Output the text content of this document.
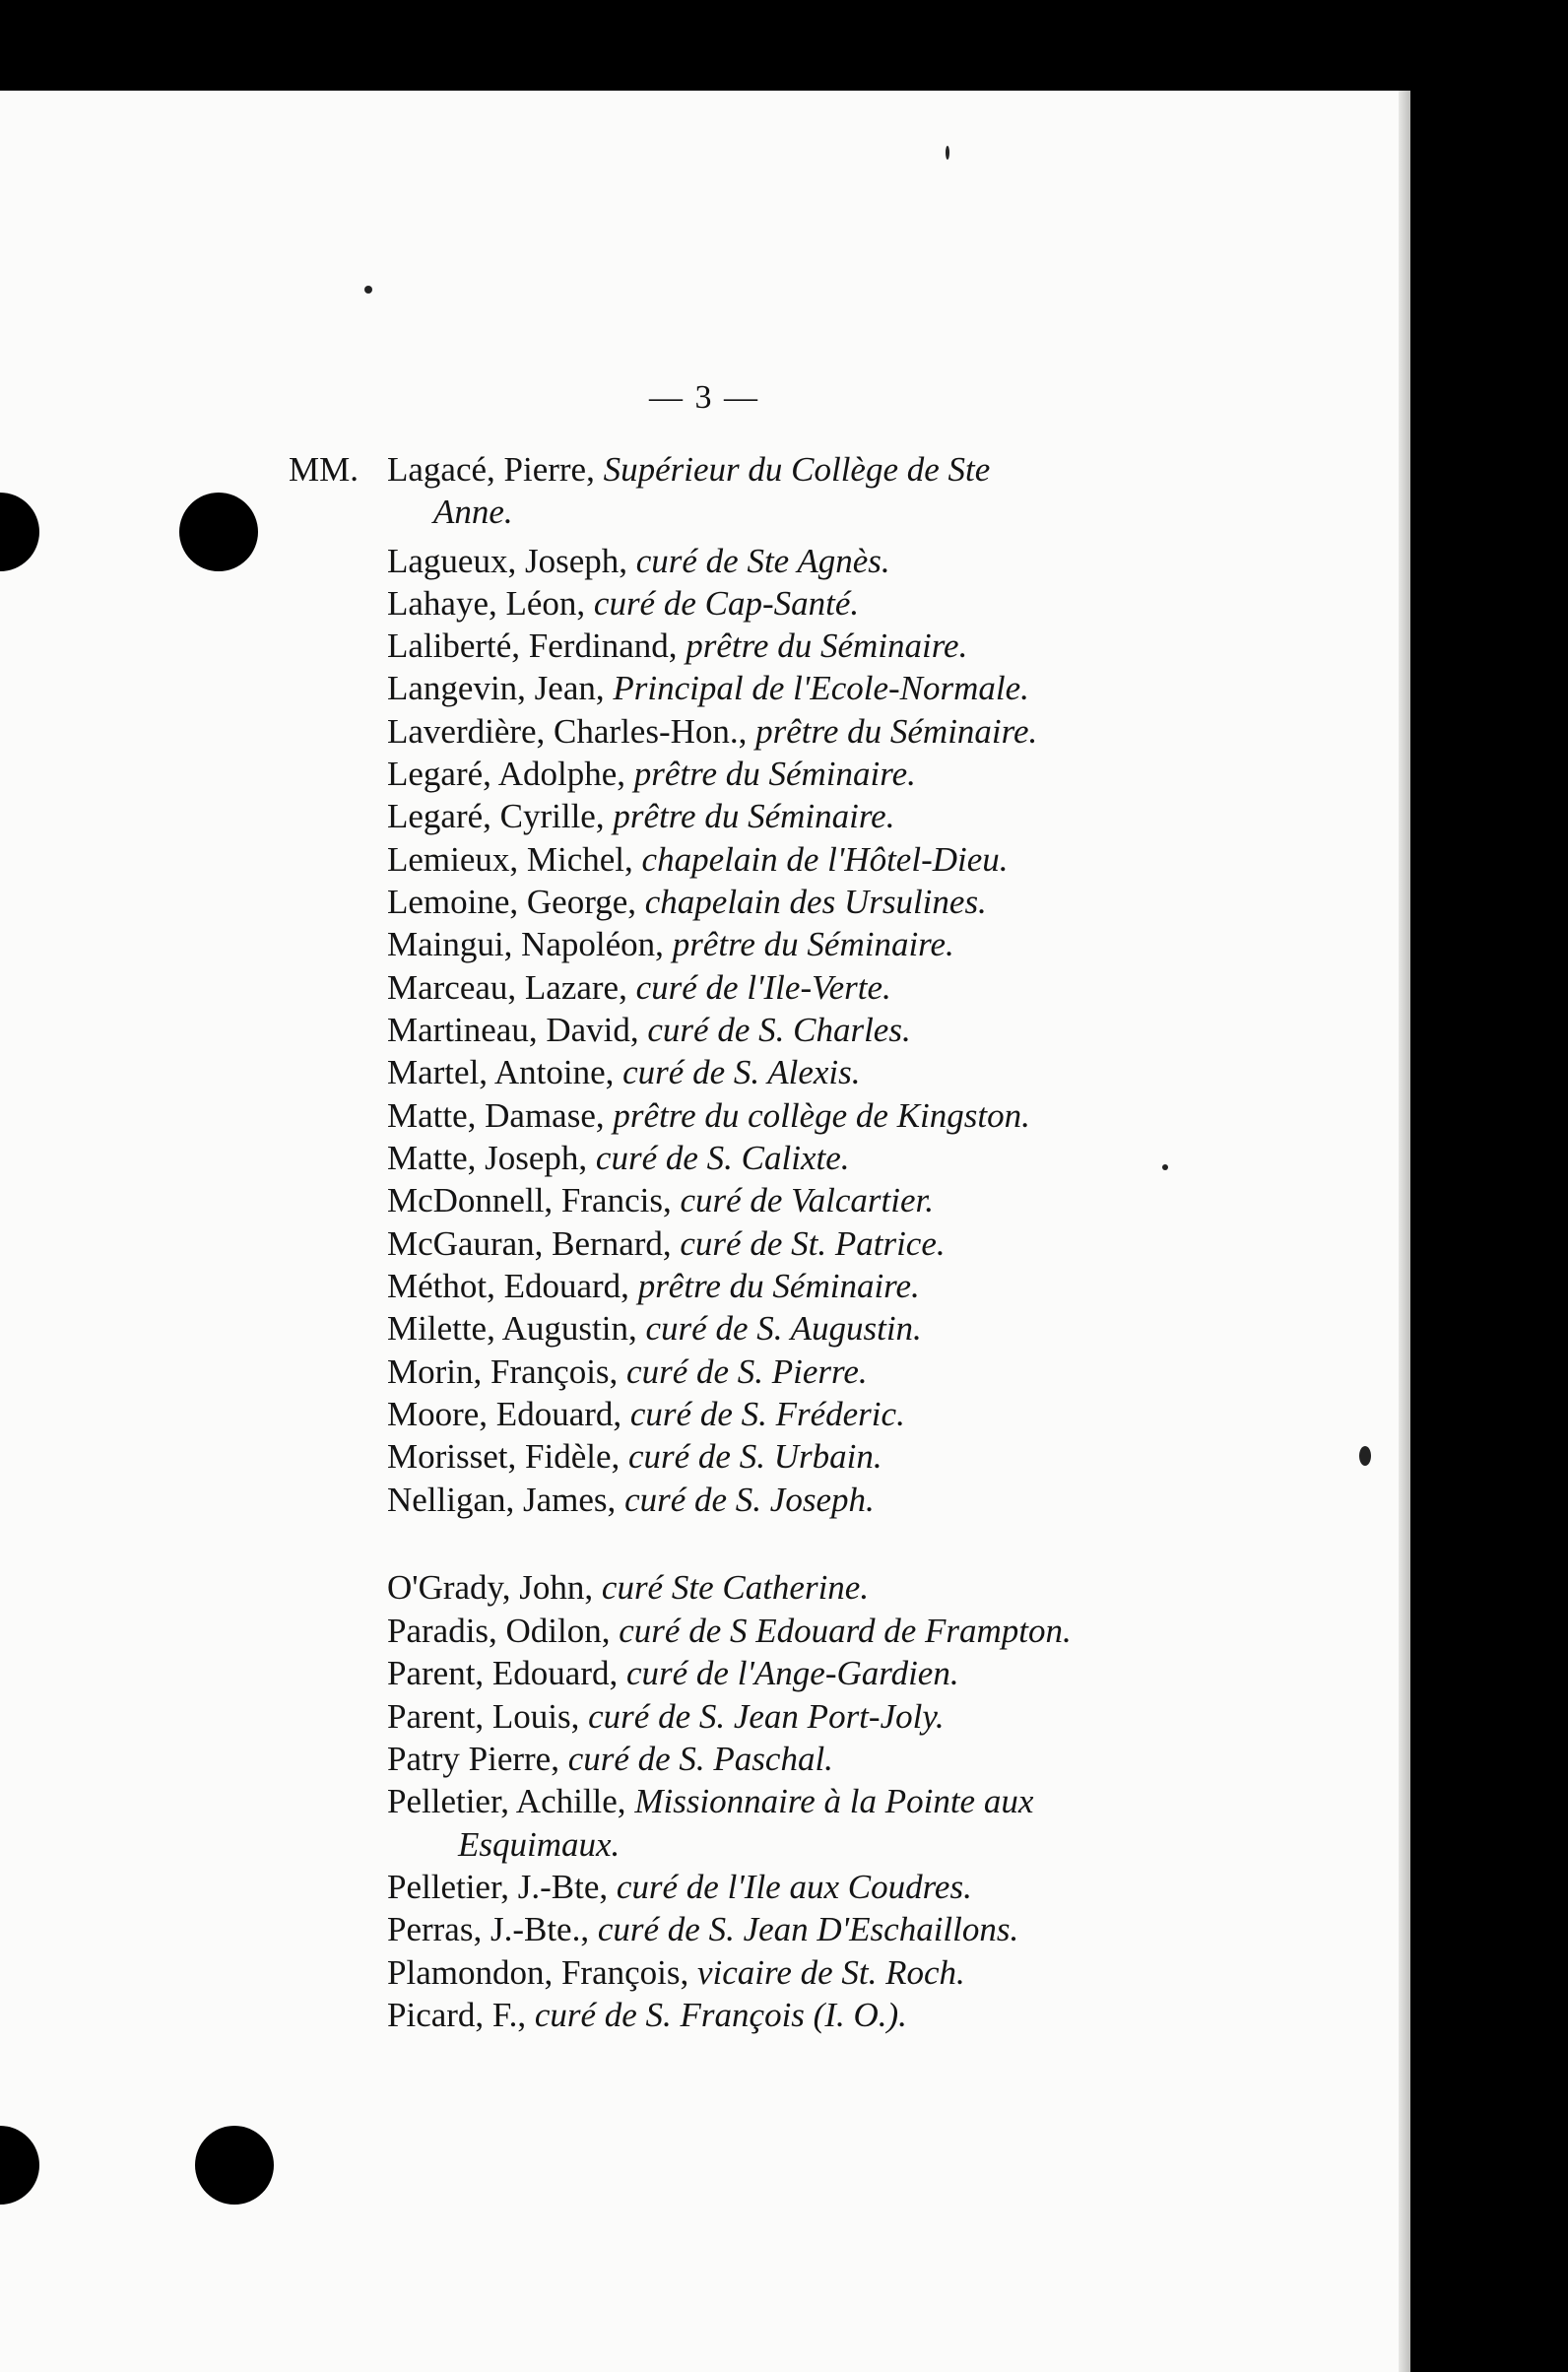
— 3 —
MM. Lagacé, Pierre, Supérieur du Collège de Ste
Anne.
Lagueux, Joseph, curé de Ste Agnès.
Lahaye, Léon, curé de Cap-Santé.
Laliberté, Ferdinand, prêtre du Séminaire.
Langevin, Jean, Principal de l'Ecole-Normale.
Laverdière, Charles-Hon., prêtre du Séminaire.
Legaré, Adolphe, prêtre du Séminaire.
Legaré, Cyrille, prêtre du Séminaire.
Lemieux, Michel, chapelain de l'Hôtel-Dieu.
Lemoine, George, chapelain des Ursulines.
Maingui, Napoléon, prêtre du Séminaire.
Marceau, Lazare, curé de l'Ile-Verte.
Martineau, David, curé de S. Charles.
Martel, Antoine, curé de S. Alexis.
Matte, Damase, prêtre du collège de Kingston.
Matte, Joseph, curé de S. Calixte.
McDonnell, Francis, curé de Valcartier.
McGauran, Bernard, curé de St. Patrice.
Méthot, Edouard, prêtre du Séminaire.
Milette, Augustin, curé de S. Augustin.
Morin, François, curé de S. Pierre.
Moore, Edouard, curé de S. Fréderic.
Morisset, Fidèle, curé de S. Urbain.
Nelligan, James, curé de S. Joseph.
O'Grady, John, curé Ste Catherine.
Paradis, Odilon, curé de S Edouard de Frampton.
Parent, Edouard, curé de l'Ange-Gardien.
Parent, Louis, curé de S. Jean Port-Joly.
Patry Pierre, curé de S. Paschal.
Pelletier, Achille, Missionnaire à la Pointe aux
Esquimaux.
Pelletier, J.-Bte, curé de l'Ile aux Coudres.
Perras, J.-Bte., curé de S. Jean D'Eschaillons.
Plamondon, François, vicaire de St. Roch.
Picard, F., curé de S. François (I. O.).
